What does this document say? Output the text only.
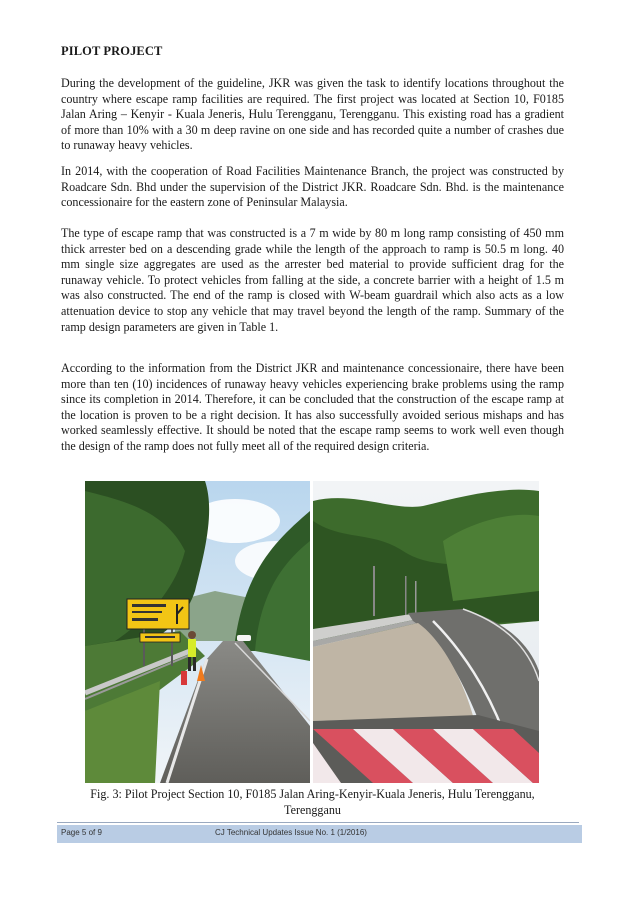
PILOT PROJECT

During the development of the guideline, JKR was given the task to identify locations throughout the country where escape ramp facilities are required. The first project was located at Section 10, F0185 Jalan Aring – Kenyir - Kuala Jeneris, Hulu Terengganu, Terengganu. This existing road has a gradient of more than 10% with a 30 m deep ravine on one side and has recorded quite a number of crashes due to runaway heavy vehicles.

In 2014, with the cooperation of Road Facilities Maintenance Branch, the project was constructed by Roadcare Sdn. Bhd under the supervision of the District JKR. Roadcare Sdn. Bhd. is the maintenance concessionaire for the eastern zone of Peninsular Malaysia.

The type of escape ramp that was constructed is a 7 m wide by 80 m long ramp consisting of 450 mm thick arrester bed on a descending grade while the length of the approach to ramp is 50.5 m long. 40 mm single size aggregates are used as the arrester bed material to provide sufficient drag for the runaway vehicle. To protect vehicles from falling at the side, a concrete barrier with a height of 1.5 m was also constructed. The end of the ramp is closed with W-beam guardrail which also acts as a low attenuation device to stop any vehicle that may travel beyond the length of the ramp. Summary of the ramp design parameters are given in Table 1.

According to the information from the District JKR and maintenance concessionaire, there have been more than ten (10) incidences of runaway heavy vehicles experiencing brake problems using the ramp since its completion in 2014. Therefore, it can be concluded that the construction of the escape ramp at the location is proven to be a right decision. It has also successfully avoided serious mishaps and has worked seamlessly effective. It should be noted that the escape ramp seems to work well even though the design of the ramp does not fully meet all of the required design criteria.

Fig. 3: Pilot Project Section 10, F0185 Jalan Aring-Kenyir-Kuala Jeneris, Hulu Terengganu, Terengganu

Page 5 of 9	CJ Technical Updates Issue No. 1 (1/2016)
